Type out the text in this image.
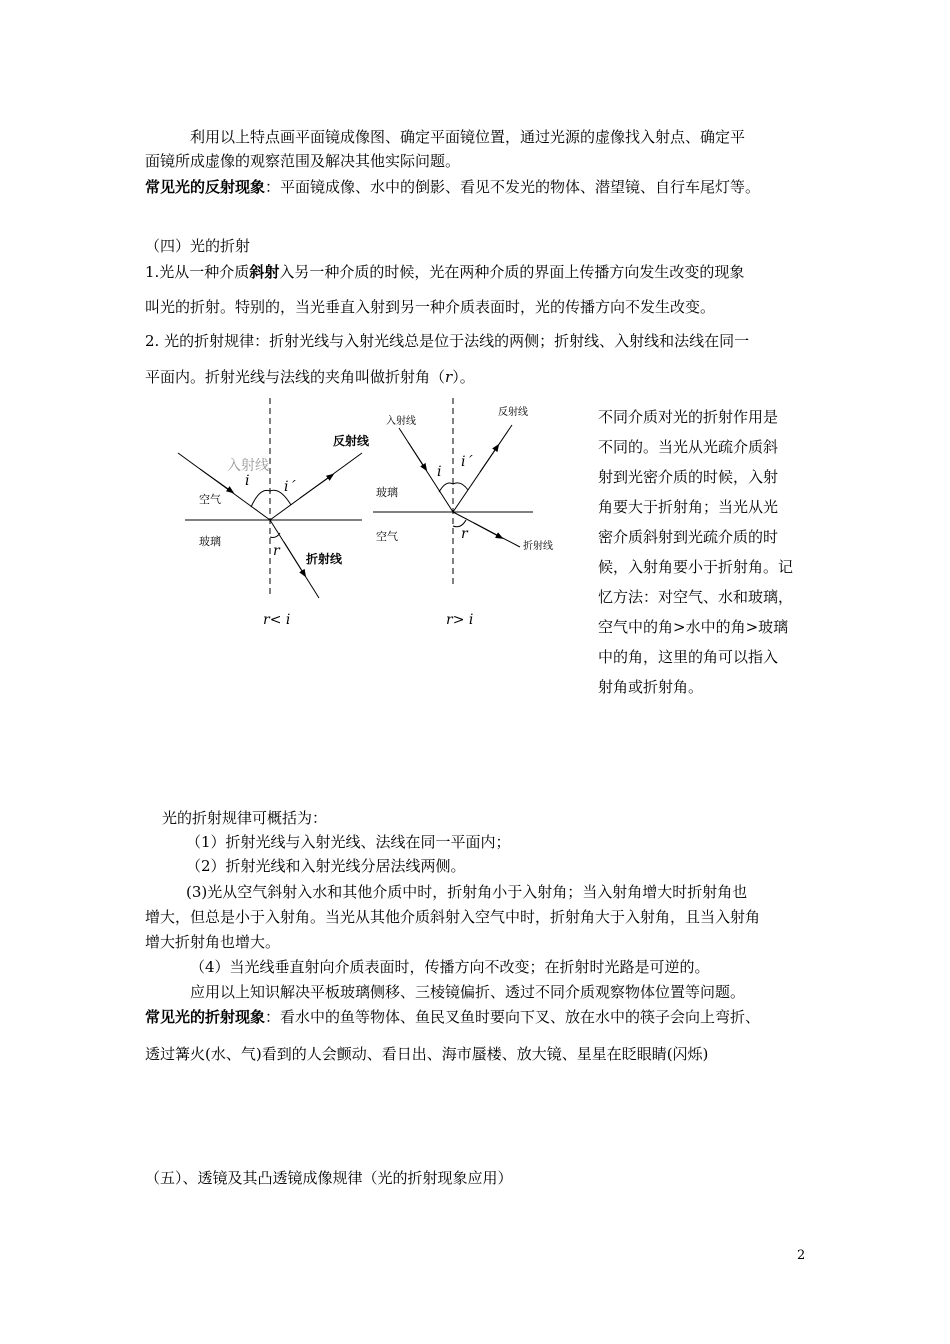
利用以上特点画平面镜成像图、确定平面镜位置，通过光源的虚像找入射点、确定平
面镜所成虚像的观察范围及解决其他实际问题。
常见光的反射现象：平面镜成像、水中的倒影、看见不发光的物体、潜望镜、自行车尾灯等。
（四）光的折射
1.光从一种介质斜射入另一种介质的时候，光在两种介质的界面上传播方向发生改变的现象
叫光的折射。特别的，当光垂直入射到另一种介质表面时，光的传播方向不发生改变。
2. 光的折射规律：折射光线与入射光线总是位于法线的两侧；折射线、入射线和法线在同一
平面内。折射光线与法线的夹角叫做折射角（r）。
入射线
反射线
折射线
空气
玻璃
i i´
r
r< i
入射线
反射线
折射线
玻璃
空气
i
i´
r
r> i

不同介质对光的折射作用是

不同的。当光从光疏介质斜

射到光密介质的时候，入射

角要大于折射角；当光从光

密介质斜射到光疏介质的时

候，入射角要小于折射角。记

忆方法：对空气、水和玻璃，

空气中的角>水中的角>玻璃

中的角，这里的角可以指入

射角或折射角。

光的折射规律可概括为：
（1）折射光线与入射光线、法线在同一平面内；
（2）折射光线和入射光线分居法线两侧。
(3)光从空气斜射入水和其他介质中时，折射角小于入射角；当入射角增大时折射角也
增大，但总是小于入射角。当光从其他介质斜射入空气中时，折射角大于入射角，且当入射角
增大折射角也增大。
（4）当光线垂直射向介质表面时，传播方向不改变；在折射时光路是可逆的。
应用以上知识解决平板玻璃侧移、三棱镜偏折、透过不同介质观察物体位置等问题。
常见光的折射现象：看水中的鱼等物体、鱼民叉鱼时要向下叉、放在水中的筷子会向上弯折、
透过篝火(水、气)看到的人会颤动、看日出、海市蜃楼、放大镜、星星在眨眼睛(闪烁)
（五）、透镜及其凸透镜成像规律（光的折射现象应用）
2
